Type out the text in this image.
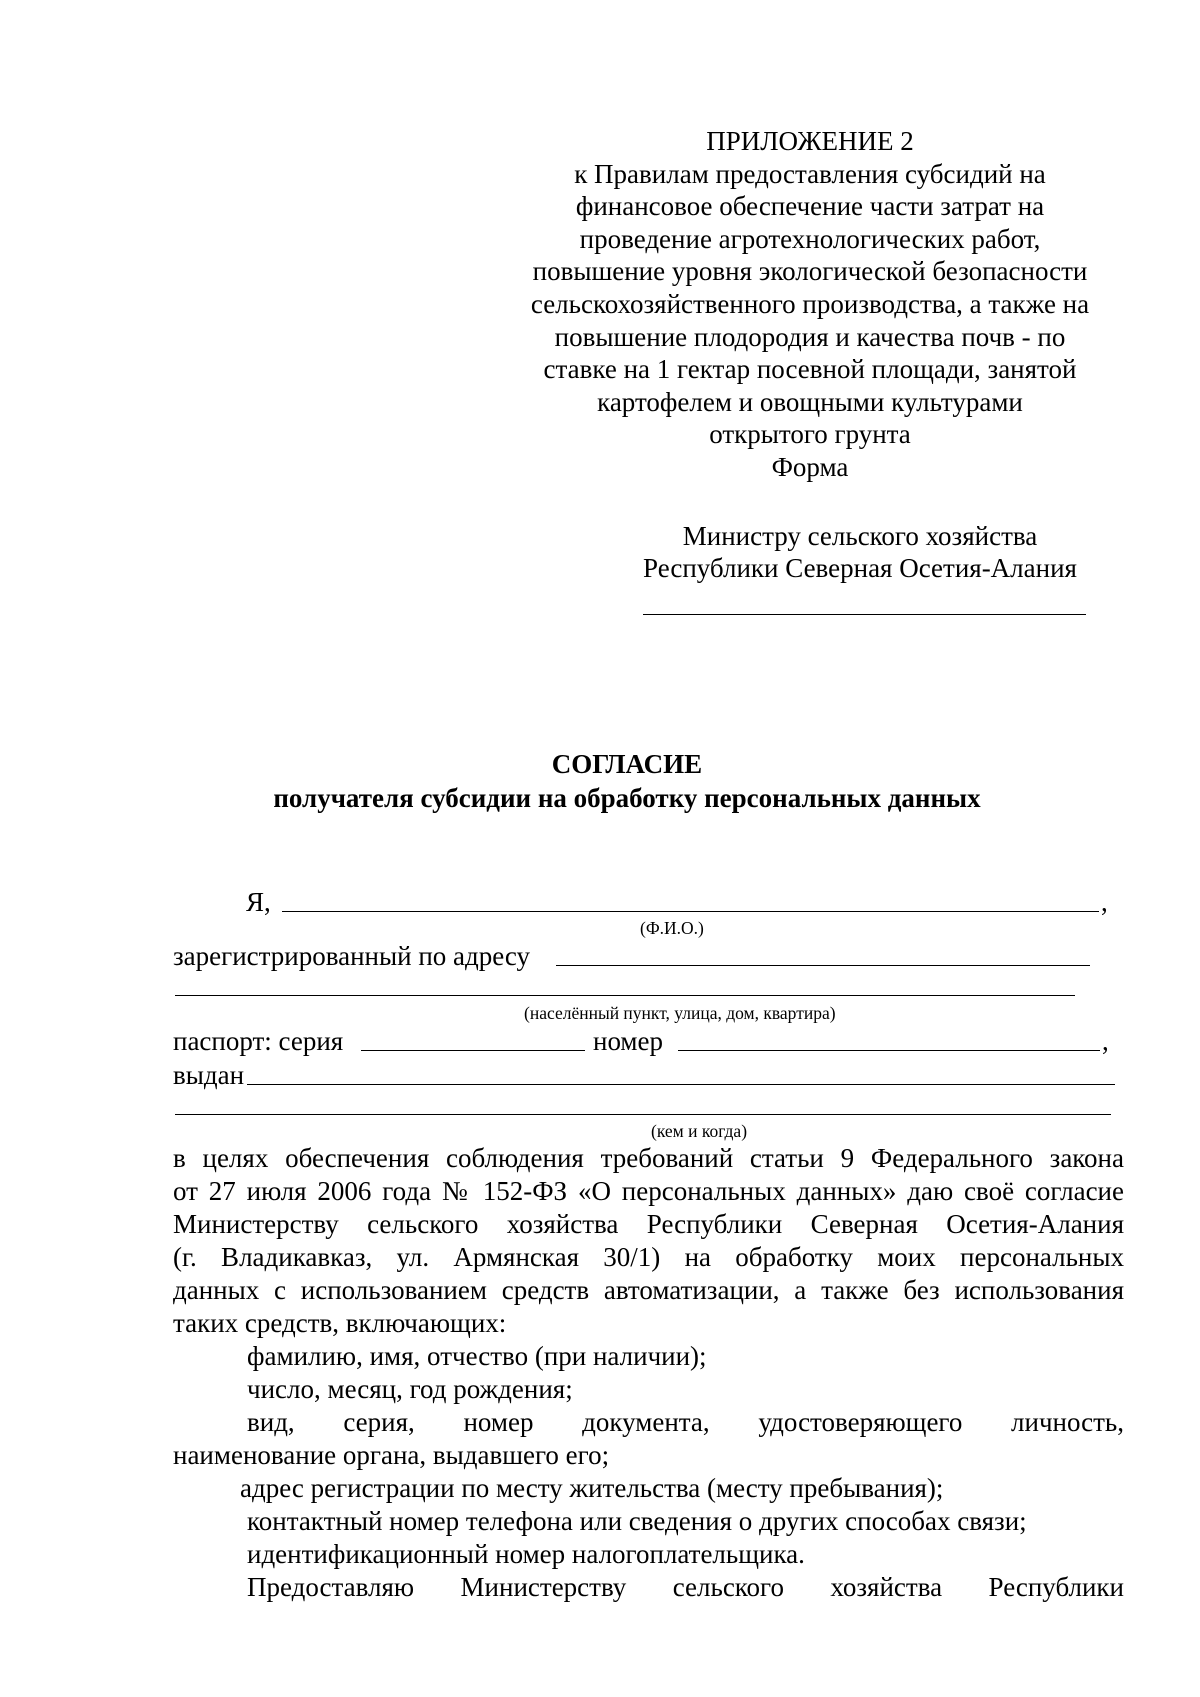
ПРИЛОЖЕНИЕ 2
к Правилам предоставления субсидий на
финансовое обеспечение части затрат на
проведение агротехнологических работ,
повышение уровня экологической безопасности
сельскохозяйственного производства, а также на
повышение плодородия и качества почв - по
ставке на 1 гектар посевной площади, занятой
картофелем и овощными культурами
открытого грунта
Форма
Министру сельского хозяйства
Республики Северная Осетия-Алания
СОГЛАСИЕ
получателя субсидии на обработку персональных данных
Я,	,
(Ф.И.О.)
зарегистрированный по адресу
(населённый пункт, улица, дом, квартира)
паспорт: серия	номер	,
выдан
(кем и когда)
в целях обеспечения соблюдения требований статьи 9 Федерального закона
от 27 июля 2006 года № 152-ФЗ «О персональных данных» даю своё согласие
Министерству сельского хозяйства Республики Северная Осетия-Алания
(г. Владикавказ, ул. Армянская 30/1) на обработку моих персональных
данных с использованием средств автоматизации, а также без использования
таких средств, включающих:
фамилию, имя, отчество (при наличии);
число, месяц, год рождения;
вид, серия, номер документа, удостоверяющего личность,
наименование органа, выдавшего его;
адрес регистрации по месту жительства (месту пребывания);
контактный номер телефона или сведения о других способах связи;
идентификационный номер налогоплательщика.
Предоставляю Министерству сельского хозяйства Республики
